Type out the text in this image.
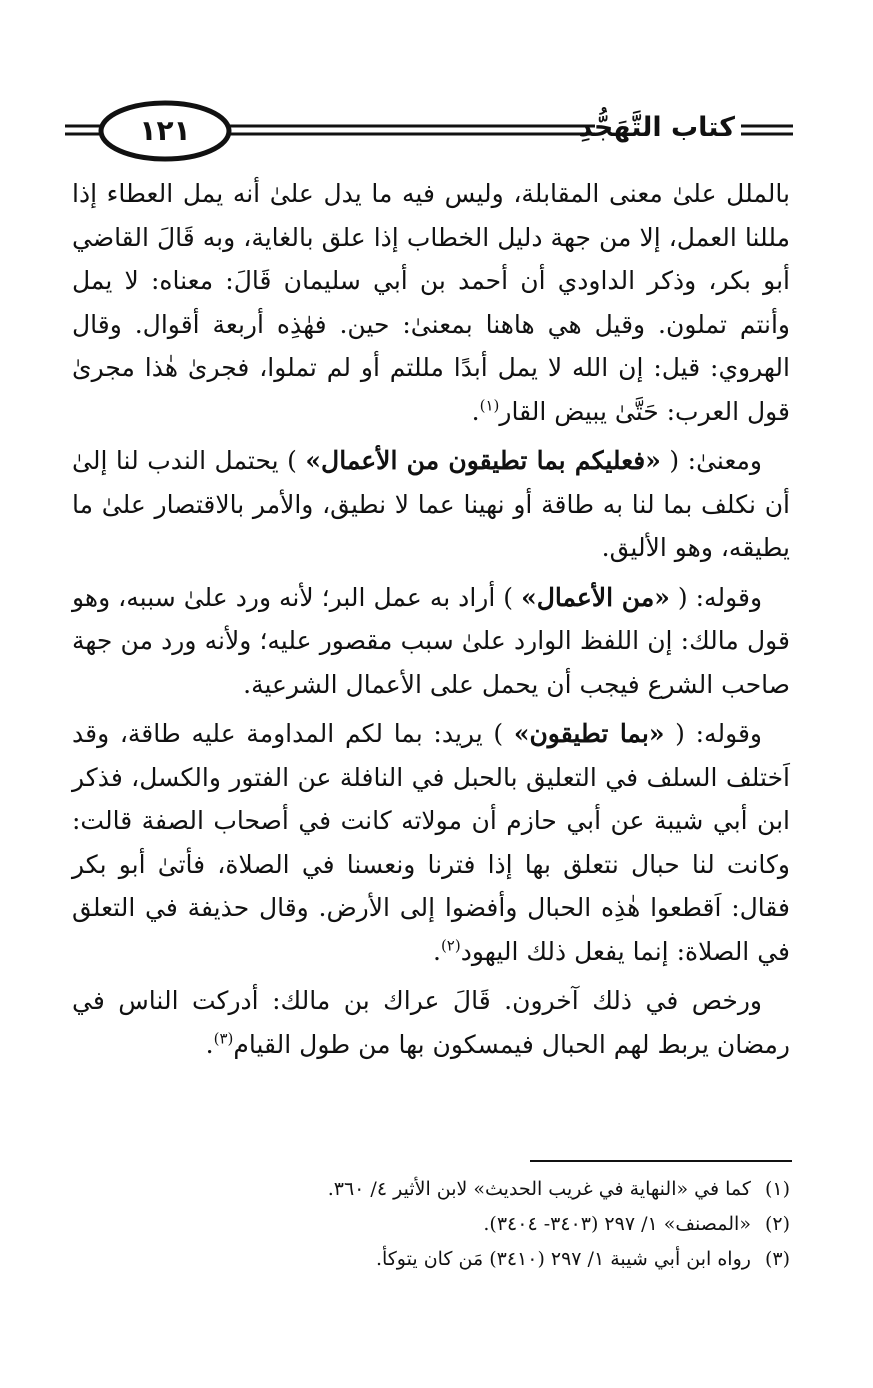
١٢١	كتاب التَّهَجُّدِ

بالملل علىٰ معنى المقابلة، وليس فيه ما يدل علىٰ أنه يمل العطاء إذا مللنا العمل، إلا من جهة دليل الخطاب إذا علق بالغاية، وبه قَالَ القاضي أبو بكر، وذكر الداودي أن أحمد بن أبي سليمان قَالَ: معناه: لا يمل وأنتم تملون. وقيل هي هاهنا بمعنىٰ: حين. فهٰذِه أربعة أقوال. وقال الهروي: قيل: إن الله لا يمل أبدًا مللتم أو لم تملوا، فجرىٰ هٰذا مجرىٰ قول العرب: حَتَّىٰ يبيض القار$^{(١)}$.

ومعنىٰ: ( «فعليكم بما تطيقون من الأعمال» ) يحتمل الندب لنا إلىٰ أن نكلف بما لنا به طاقة أو نهينا عما لا نطيق، والأمر بالاقتصار علىٰ ما يطيقه، وهو الأليق.

وقوله: ( «من الأعمال» ) أراد به عمل البر؛ لأنه ورد علىٰ سببه، وهو قول مالك: إن اللفظ الوارد علىٰ سبب مقصور عليه؛ ولأنه ورد من جهة صاحب الشرع فيجب أن يحمل على الأعمال الشرعية.

وقوله: ( «بما تطيقون» ) يريد: بما لكم المداومة عليه طاقة، وقد اَختلف السلف في التعليق بالحبل في النافلة عن الفتور والكسل، فذكر ابن أبي شيبة عن أبي حازم أن مولاته كانت في أصحاب الصفة قالت: وكانت لنا حبال نتعلق بها إذا فترنا ونعسنا في الصلاة، فأتىٰ أبو بكر فقال: اَقطعوا هٰذِه الحبال وأفضوا إلى الأرض. وقال حذيفة في التعلق في الصلاة: إنما يفعل ذلك اليهود$^{(٢)}$.

ورخص في ذلك آخرون. قَالَ عراك بن مالك: أدركت الناس في رمضان يربط لهم الحبال فيمسكون بها من طول القيام$^{(٣)}$.

(١)كما في «النهاية في غريب الحديث» لابن الأثير ٤/ ٣٦٠.
(٢)«المصنف» ١/ ٢٩٧ (٣٤٠٣- ٣٤٠٤).
(٣)رواه ابن أبي شيبة ١/ ٢٩٧ (٣٤١٠) مَن كان يتوكأ.
